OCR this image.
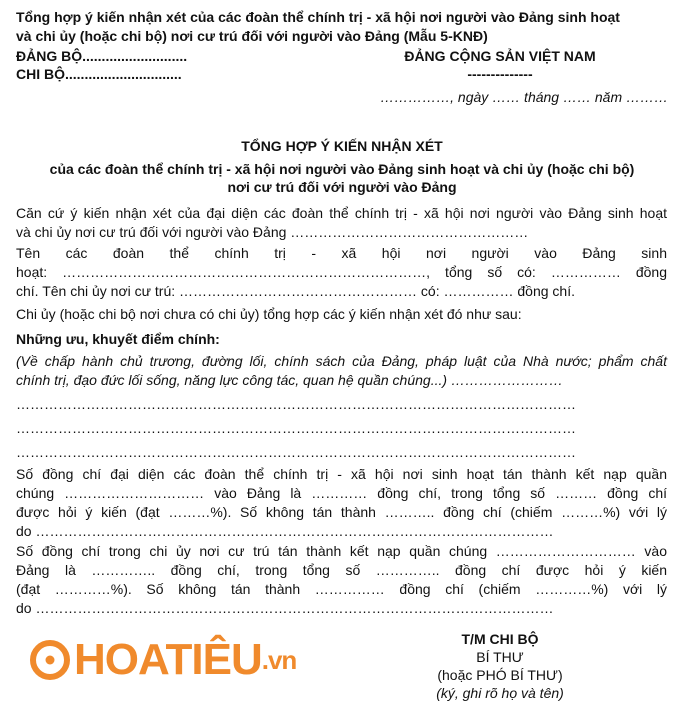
Tổng hợp ý kiến nhận xét của các đoàn thể chính trị - xã hội nơi người vào Đảng sinh hoạt
và chi ủy (hoặc chi bộ) nơi cư trú đối với người vào Đảng (Mẫu 5-KNĐ)
ĐẢNG BỘ...........................
CHI BỘ..............................
ĐẢNG CỘNG SẢN VIỆT NAM
--------------
……………, ngày …… tháng …… năm ………
TỔNG HỢP Ý KIẾN NHẬN XÉT
của các đoàn thể chính trị - xã hội nơi người vào Đảng sinh hoạt và chi ủy (hoặc chi bộ)
nơi cư trú đối với người vào Đảng
Căn cứ ý kiến nhận xét của đại diện các đoàn thể chính trị - xã hội nơi người vào Đảng sinh hoạt
và chi ủy nơi cư trú đối với người vào Đảng ……………………………………………
Tên các đoàn thể chính trị - xã hội nơi người vào Đảng sinh
hoạt: ……………………………………………………………………, tổng số có: …………… đồng
chí. Tên chi ủy nơi cư trú: …………………………………………… có: …………… đồng chí.
Chi ủy (hoặc chi bộ nơi chưa có chi ủy) tổng hợp các ý kiến nhận xét đó như sau:
Những ưu, khuyết điểm chính:
(Về chấp hành chủ trương, đường lối, chính sách của Đảng, pháp luật của Nhà nước; phẩm chất
chính trị, đạo đức lối sống, năng lực công tác, quan hệ quần chúng...) ……………………
…………………………………………………………………………………………………………
…………………………………………………………………………………………………………
…………………………………………………………………………………………………………
Số đồng chí đại diện các đoàn thể chính trị - xã hội nơi sinh hoạt tán thành kết nạp quần
chúng ………………………… vào Đảng là ………… đồng chí, trong tổng số ……… đồng chí
được hỏi ý kiến (đạt ………%). Số không tán thành ……….. đồng chí (chiếm ………%) với lý
do …………………………………………………………………………………………………
Số đồng chí trong chi ủy nơi cư trú tán thành kết nạp quần chúng ………………………… vào
Đảng là ………….. đồng chí, trong tổng số ………….. đồng chí được hỏi ý kiến
(đạt …………%). Số không tán thành …………… đồng chí (chiếm …………%) với lý
do …………………………………………………………………………………………………
T/M CHI BỘ
BÍ THƯ
(hoặc PHÓ BÍ THƯ)
(ký, ghi rõ họ và tên)
HOATIÊU .vn
